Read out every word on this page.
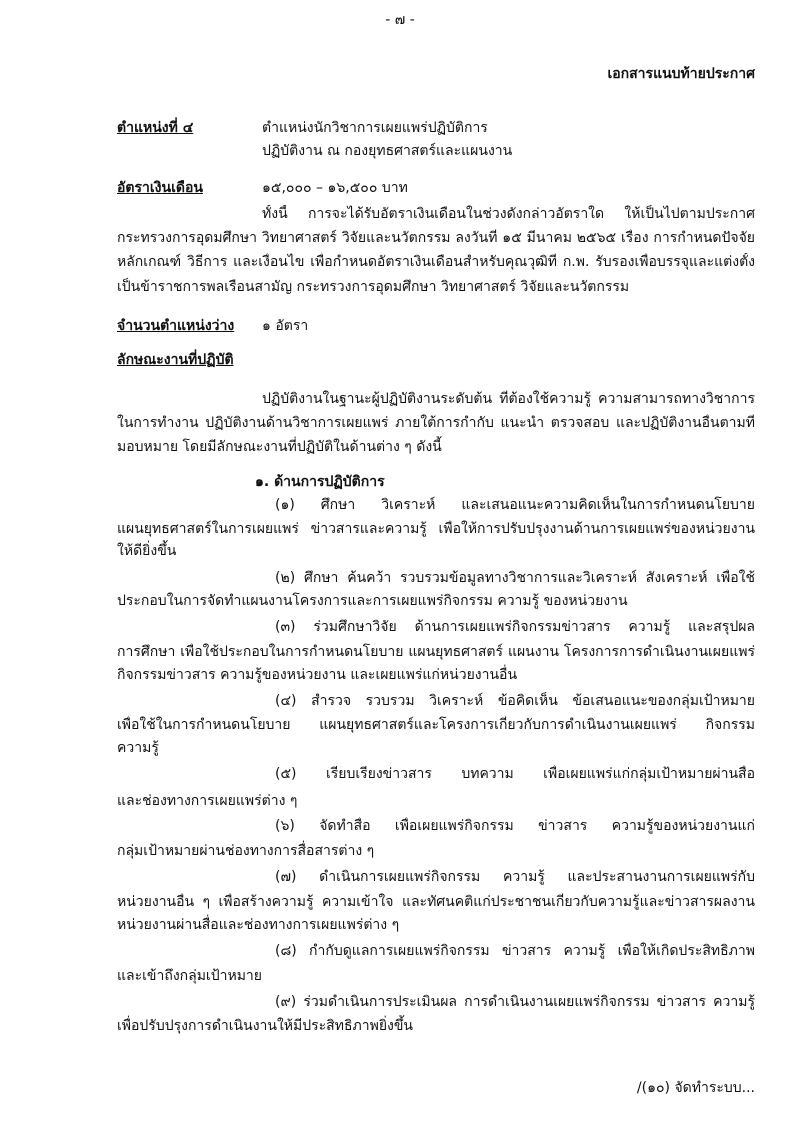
- ๗ -
เอกสารแนบท้ายประกาศ
ตำแหน่งที่ ๔	ตำแหน่งนักวิชาการเผยแพร่ปฏิบัติการ
ปฏิบัติงาน ณ กองยุทธศาสตร์และแผนงาน
อัตราเงินเดือน	๑๕,๐๐๐ – ๑๖,๕๐๐ บาท
ทั้งนี้ การจะได้รับอัตราเงินเดือนในช่วงดังกล่าวอัตราใด ให้เป็นไปตามประกาศ
กระทรวงการอุดมศึกษา วิทยาศาสตร์ วิจัยและนวัตกรรม ลงวันที่ ๑๕ มีนาคม ๒๕๖๕ เรื่อง การกำหนดปัจจัย
หลักเกณฑ์ วิธีการ และเงื่อนไข เพื่อกำหนดอัตราเงินเดือนสำหรับคุณวุฒิที่ ก.พ. รับรองเพื่อบรรจุและแต่งตั้ง
เป็นข้าราชการพลเรือนสามัญ กระทรวงการอุดมศึกษา วิทยาศาสตร์ วิจัยและนวัตกรรม
จำนวนตำแหน่งว่าง ๑ อัตรา
ลักษณะงานที่ปฏิบัติ
ปฏิบัติงานในฐานะผู้ปฏิบัติงานระดับต้น ที่ต้องใช้ความรู้ ความสามารถทางวิชาการ
ในการทำงาน ปฏิบัติงานด้านวิชาการเผยแพร่ ภายใต้การกำกับ แนะนำ ตรวจสอบ และปฏิบัติงานอื่นตามที่
มอบหมาย โดยมีลักษณะงานที่ปฏิบัติในด้านต่าง ๆ ดังนี้
๑. ด้านการปฏิบัติการ
(๑) ศึกษา วิเคราะห์ และเสนอแนะความคิดเห็นในการกำหนดนโยบาย
แผนยุทธศาสตร์ในการเผยแพร่ ข่าวสารและความรู้ เพื่อให้การปรับปรุงงานด้านการเผยแพร่ของหน่วยงาน
ให้ดียิ่งขึ้น
(๒) ศึกษา ค้นคว้า รวบรวมข้อมูลทางวิชาการและวิเคราะห์ สังเคราะห์ เพื่อใช้
ประกอบในการจัดทำแผนงานโครงการและการเผยแพร่กิจกรรม ความรู้ ของหน่วยงาน
(๓) ร่วมศึกษาวิจัย ด้านการเผยแพร่กิจกรรมข่าวสาร ความรู้ และสรุปผล
การศึกษา เพื่อใช้ประกอบในการกำหนดนโยบาย แผนยุทธศาสตร์ แผนงาน โครงการการดำเนินงานเผยแพร่
กิจกรรมข่าวสาร ความรู้ของหน่วยงาน และเผยแพร่แก่หน่วยงานอื่น
(๔) สำรวจ รวบรวม วิเคราะห์ ข้อคิดเห็น ข้อเสนอแนะของกลุ่มเป้าหมาย
เพื่อใช้ในการกำหนดนโยบาย แผนยุทธศาสตร์และโครงการเกี่ยวกับการดำเนินงานเผยแพร่ กิจกรรม
ความรู้
(๕) เรียบเรียงข่าวสาร บทความ เพื่อเผยแพร่แก่กลุ่มเป้าหมายผ่านสื่อ
และช่องทางการเผยแพร่ต่าง ๆ
(๖) จัดทำสื่อ เพื่อเผยแพร่กิจกรรม ข่าวสาร ความรู้ของหน่วยงานแก่
กลุ่มเป้าหมายผ่านช่องทางการสื่อสารต่าง ๆ
(๗) ดำเนินการเผยแพร่กิจกรรม ความรู้ และประสานงานการเผยแพร่กับ
หน่วยงานอื่น ๆ เพื่อสร้างความรู้ ความเข้าใจ และทัศนคติแก่ประชาชนเกี่ยวกับความรู้และข่าวสารผลงาน
หน่วยงานผ่านสื่อและช่องทางการเผยแพร่ต่าง ๆ
(๘) กำกับดูแลการเผยแพร่กิจกรรม ข่าวสาร ความรู้ เพื่อให้เกิดประสิทธิภาพ
และเข้าถึงกลุ่มเป้าหมาย
(๙) ร่วมดำเนินการประเมินผล การดำเนินงานเผยแพร่กิจกรรม ข่าวสาร ความรู้
เพื่อปรับปรุงการดำเนินงานให้มีประสิทธิภาพยิ่งขึ้น
/(๑๐) จัดทำระบบ...
